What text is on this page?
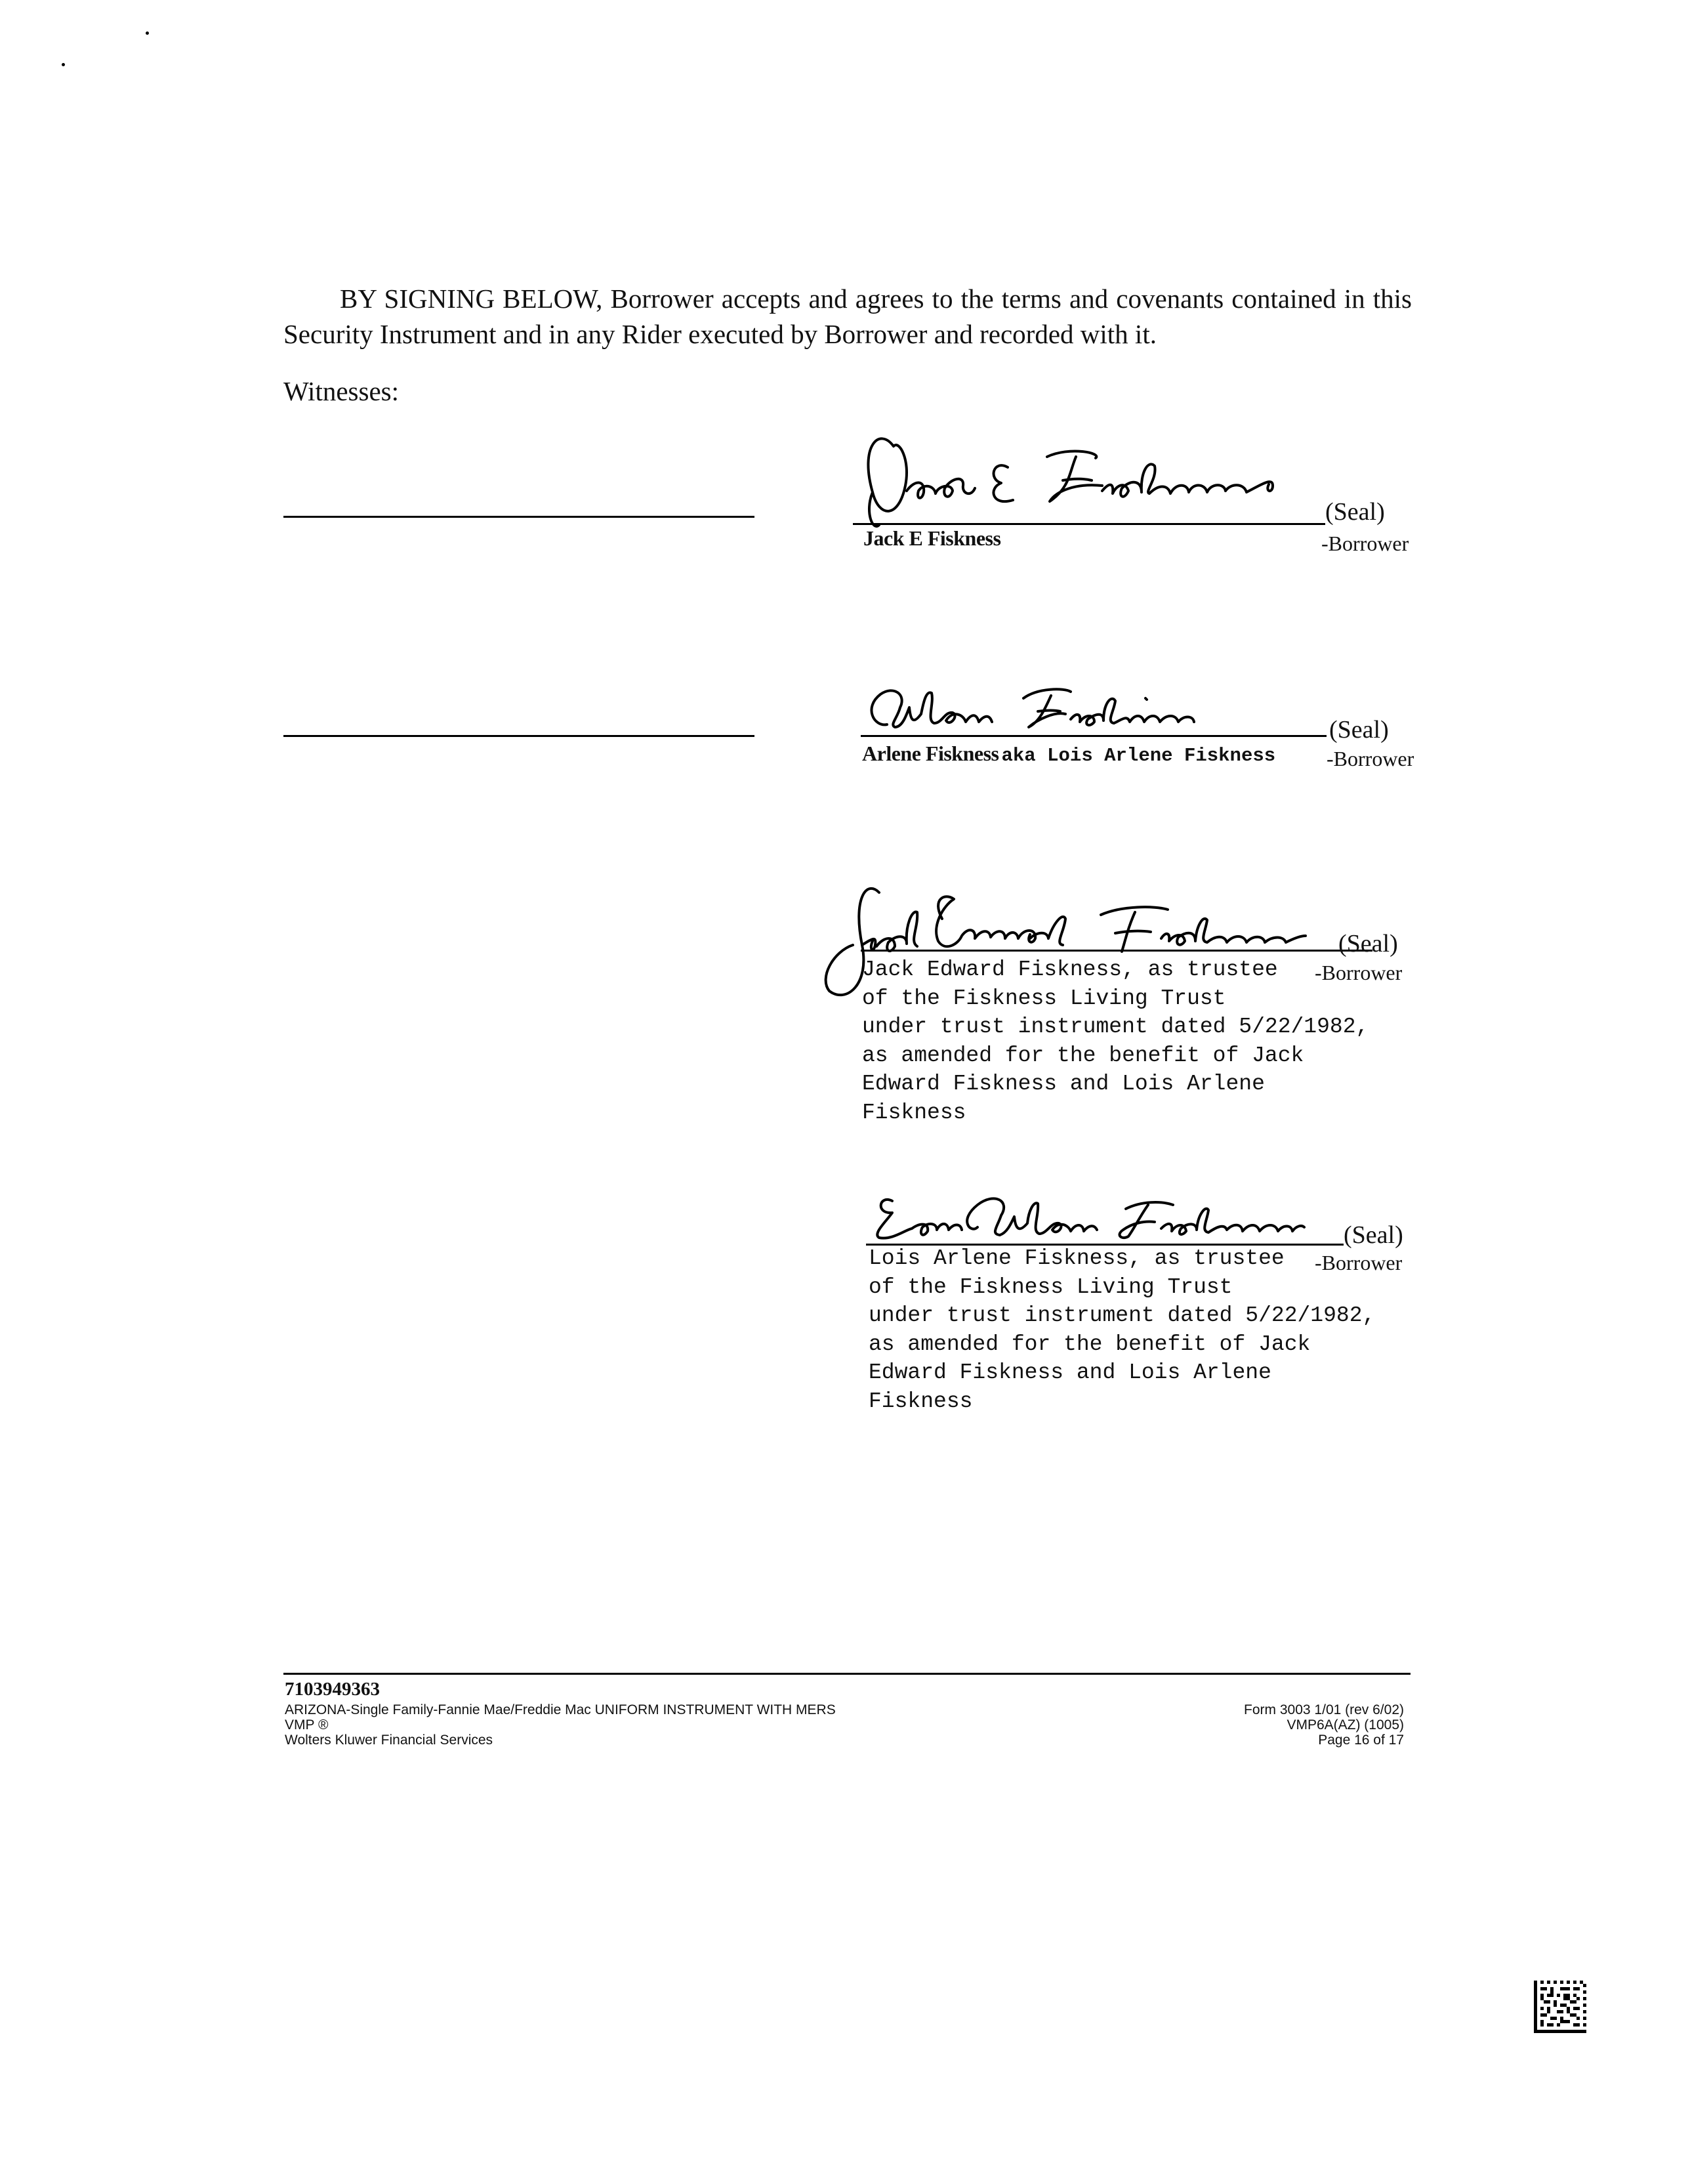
BY SIGNING BELOW, Borrower accepts and agrees to the terms and covenants contained in this Security Instrument and in any Rider executed by Borrower and recorded with it.
Witnesses:
(Seal)
Jack E Fiskness	-Borrower
(Seal)
Arlene Fiskness aka Lois Arlene Fiskness -Borrower
(Seal)
Jack Edward Fiskness, as trustee
of the Fiskness Living Trust
under trust instrument dated 5/22/1982,
as amended for the benefit of Jack
Edward Fiskness and Lois Arlene
Fiskness
-Borrower
(Seal)
Lois Arlene Fiskness, as trustee
of the Fiskness Living Trust
under trust instrument dated 5/22/1982,
as amended for the benefit of Jack
Edward Fiskness and Lois Arlene
Fiskness
-Borrower
7103949363
ARIZONA-Single Family-Fannie Mae/Freddie Mac UNIFORM INSTRUMENT WITH MERS
VMP ®
Wolters Kluwer Financial Services
Form 3003 1/01 (rev 6/02)
VMP6A(AZ) (1005)
Page 16 of 17
